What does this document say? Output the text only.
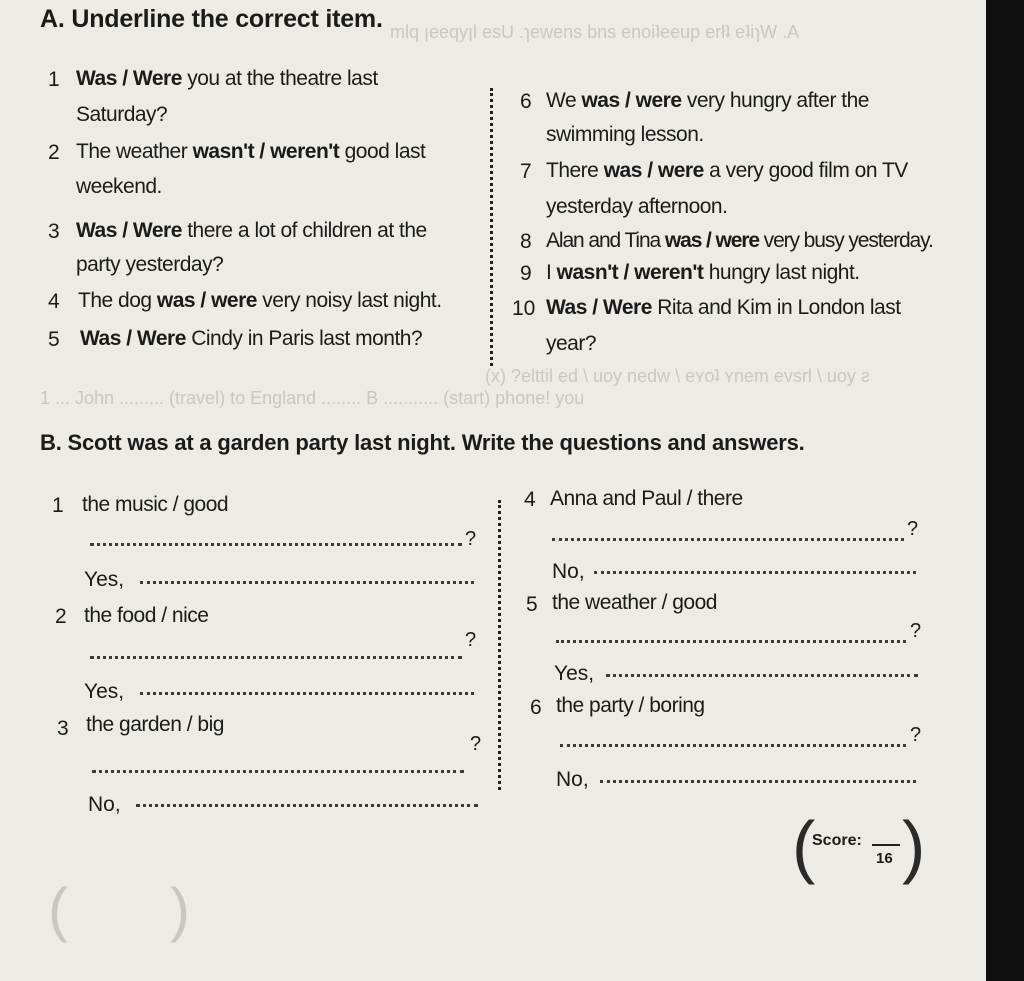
mlq ꞁeeqyꞁl esU .ɿewens bns enoiʇeeup erłʇ eʇiɿW .A
1 ... John ......... (travel) to England ........ B ........... (start) phone! you
(x) ?elttil ed \ uoy nedw \ eʏoʇ ʏnem evsrl \ uoy ƨ
A. Underline the correct item.
1 Was / Were you at the theatre last
Saturday?
2 The weather wasn't / weren't good last
weekend.
3 Was / Were there a lot of children at the
party yesterday?
4 The dog was / were very noisy last night.
5 Was / Were Cindy in Paris last month?
6 We was / were very hungry after the
swimming lesson.
7 There was / were a very good film on TV
yesterday afternoon.
8 Alan and Tina was / were very busy yesterday.
9 I wasn't / weren't hungry last night.
10 Was / Were Rita and Kim in London last
year?
B. Scott was at a garden party last night. Write the questions and answers.
1 the music / good
?
Yes,
2 the food / nice
?
Yes,
3 the garden / big
?
No,
4 Anna and Paul / there
?
No,
5 the weather / good
?
Yes,
6 the party / boring
?
No,
( )
Score:
16
( )
